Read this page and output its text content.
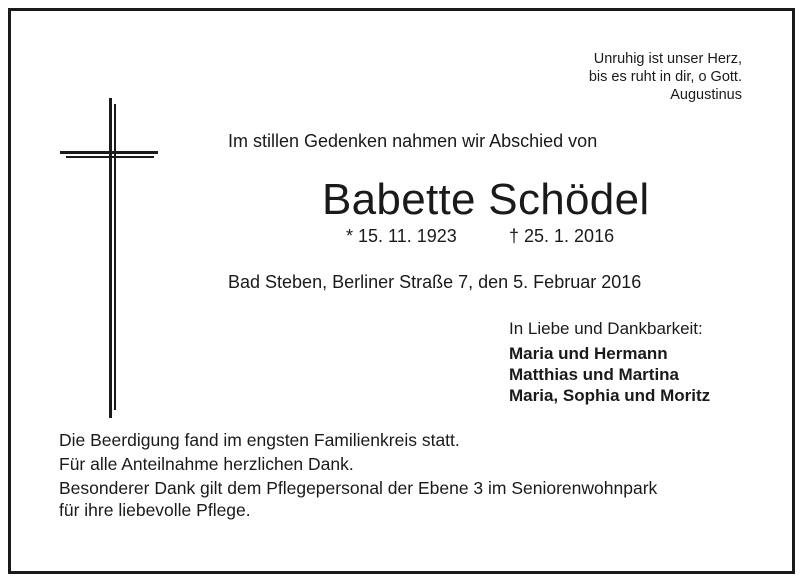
Unruhig ist unser Herz,
bis es ruht in dir, o Gott.
Augustinus
Im stillen Gedenken nahmen wir Abschied von
Babette Schödel
* 15. 11. 1923	† 25. 1. 2016
Bad Steben, Berliner Straße 7, den 5. Februar 2016
In Liebe und Dankbarkeit:
Maria und Hermann
Matthias und Martina
Maria, Sophia und Moritz
Die Beerdigung fand im engsten Familienkreis statt.
Für alle Anteilnahme herzlichen Dank.
Besonderer Dank gilt dem Pflegepersonal der Ebene 3 im Seniorenwohnpark
für ihre liebevolle Pflege.
